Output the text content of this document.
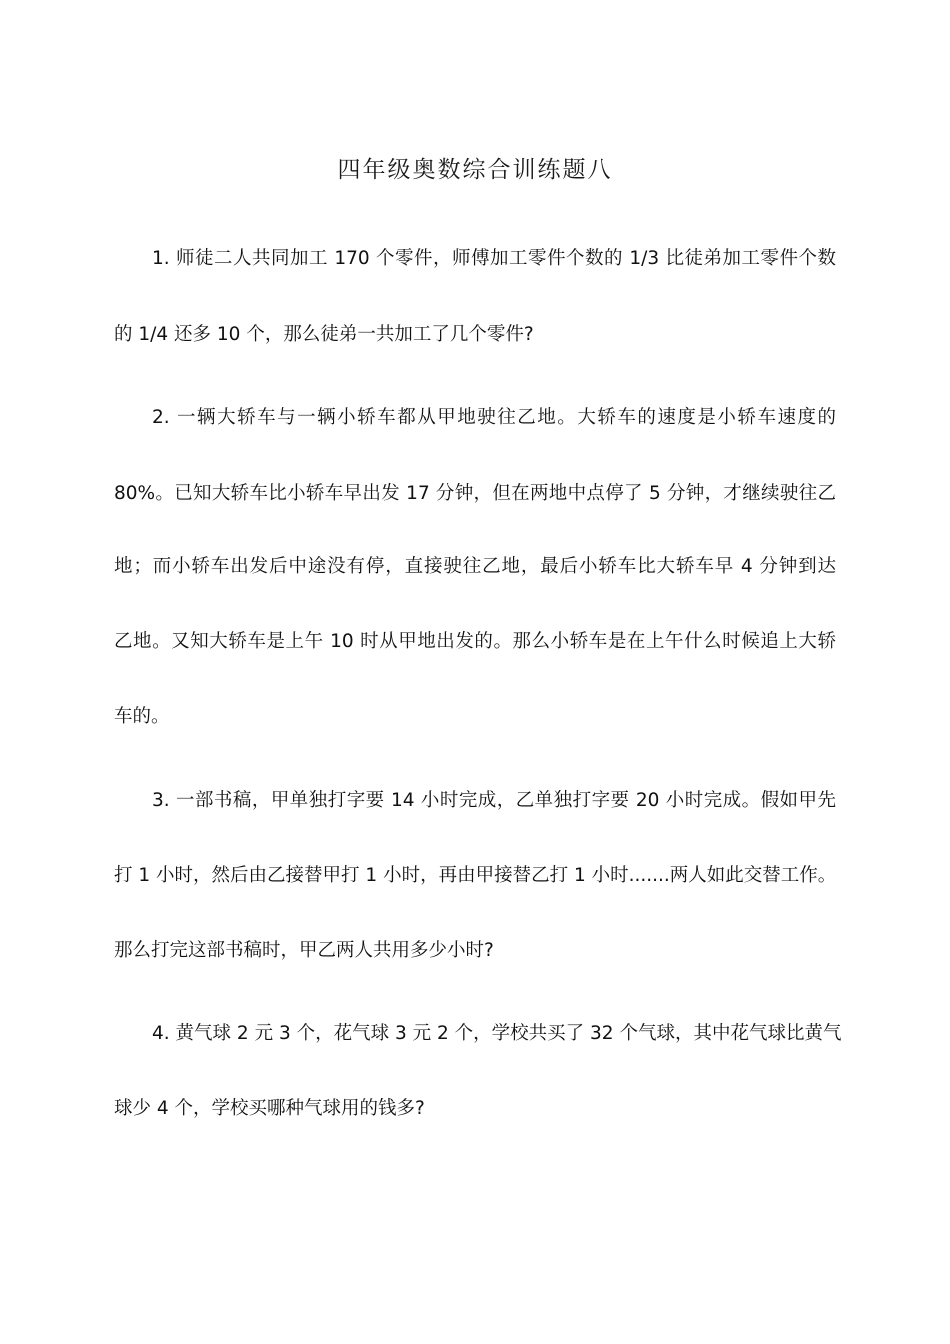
四年级奥数综合训练题八
1. 师徒二人共同加工 170 个零件，师傅加工零件个数的 1/3 比徒弟加工零件个数
的 1/4 还多 10 个，那么徒弟一共加工了几个零件?
2. 一辆大轿车与一辆小轿车都从甲地驶往乙地。大轿车的速度是小轿车速度的
80%。已知大轿车比小轿车早出发 17 分钟，但在两地中点停了 5 分钟，才继续驶往乙
地；而小轿车出发后中途没有停，直接驶往乙地，最后小轿车比大轿车早 4 分钟到达
乙地。又知大轿车是上午 10 时从甲地出发的。那么小轿车是在上午什么时候追上大轿
车的。
3. 一部书稿，甲单独打字要 14 小时完成，乙单独打字要 20 小时完成。假如甲先
打 1 小时，然后由乙接替甲打 1 小时，再由甲接替乙打 1 小时.......两人如此交替工作。
那么打完这部书稿时，甲乙两人共用多少小时?
4. 黄气球 2 元 3 个，花气球 3 元 2 个，学校共买了 32 个气球，其中花气球比黄气
球少 4 个，学校买哪种气球用的钱多?
